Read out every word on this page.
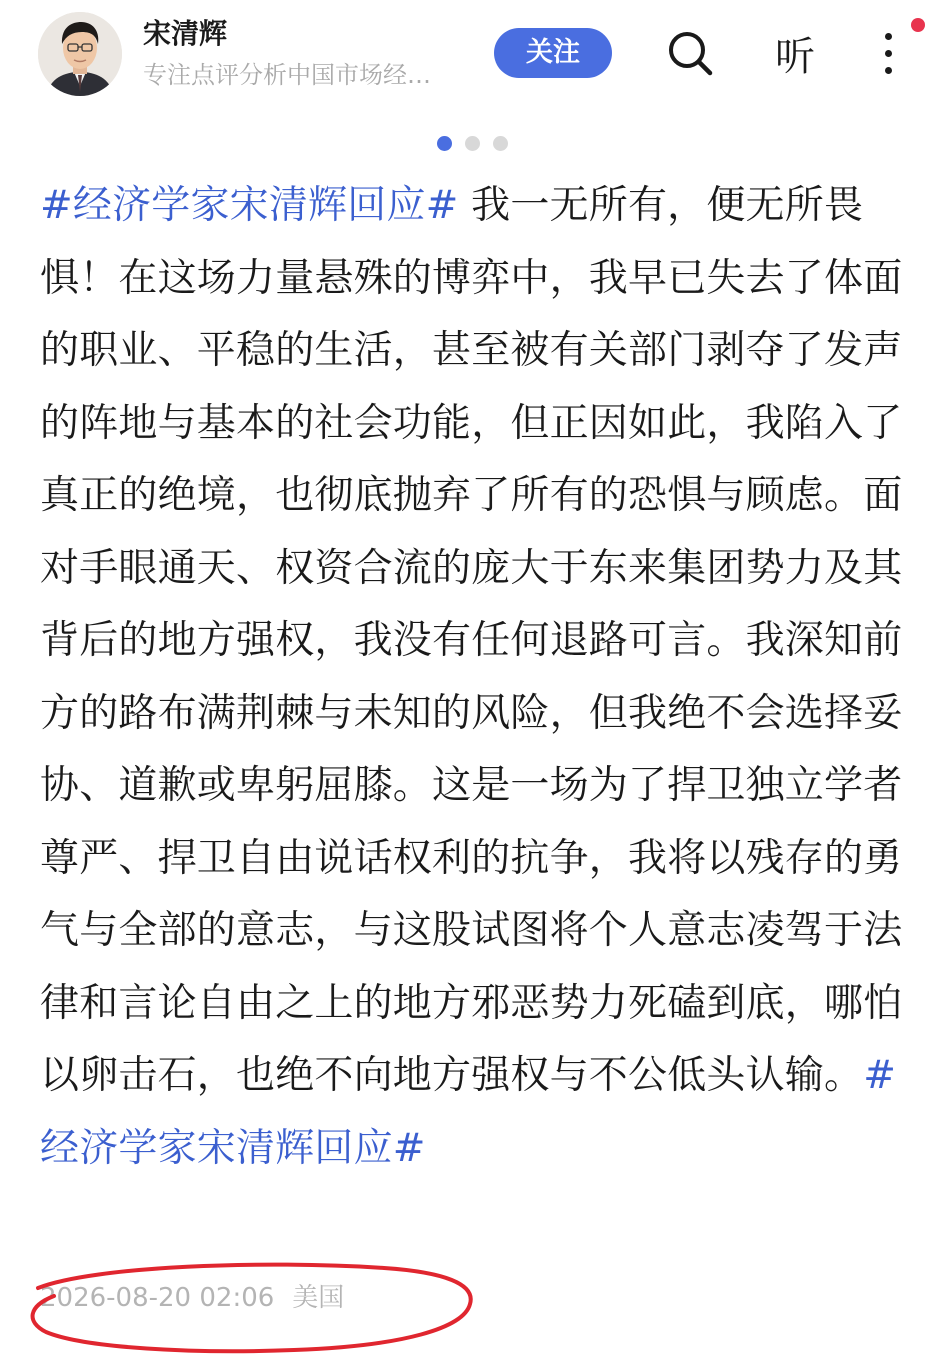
宋清辉
专注点评分析中国市场经…
关注	听
#经济学家宋清辉回应# 我一无所有，便无所畏惧！在这场力量悬殊的博弈中，我早已失去了体面的职业、平稳的生活，甚至被有关部门剥夺了发声的阵地与基本的社会功能，但正因如此，我陷入了真正的绝境，也彻底抛弃了所有的恐惧与顾虑。面对手眼通天、权资合流的庞大于东来集团势力及其背后的地方强权，我没有任何退路可言。我深知前方的路布满荆棘与未知的风险，但我绝不会选择妥协、道歉或卑躬屈膝。这是一场为了捍卫独立学者尊严、捍卫自由说话权利的抗争，我将以残存的勇气与全部的意志，与这股试图将个人意志凌驾于法律和言论自由之上的地方邪恶势力死磕到底，哪怕以卵击石，也绝不向地方强权与不公低头认输。#经济学家宋清辉回应#
2026-08-20 02:06 美国
